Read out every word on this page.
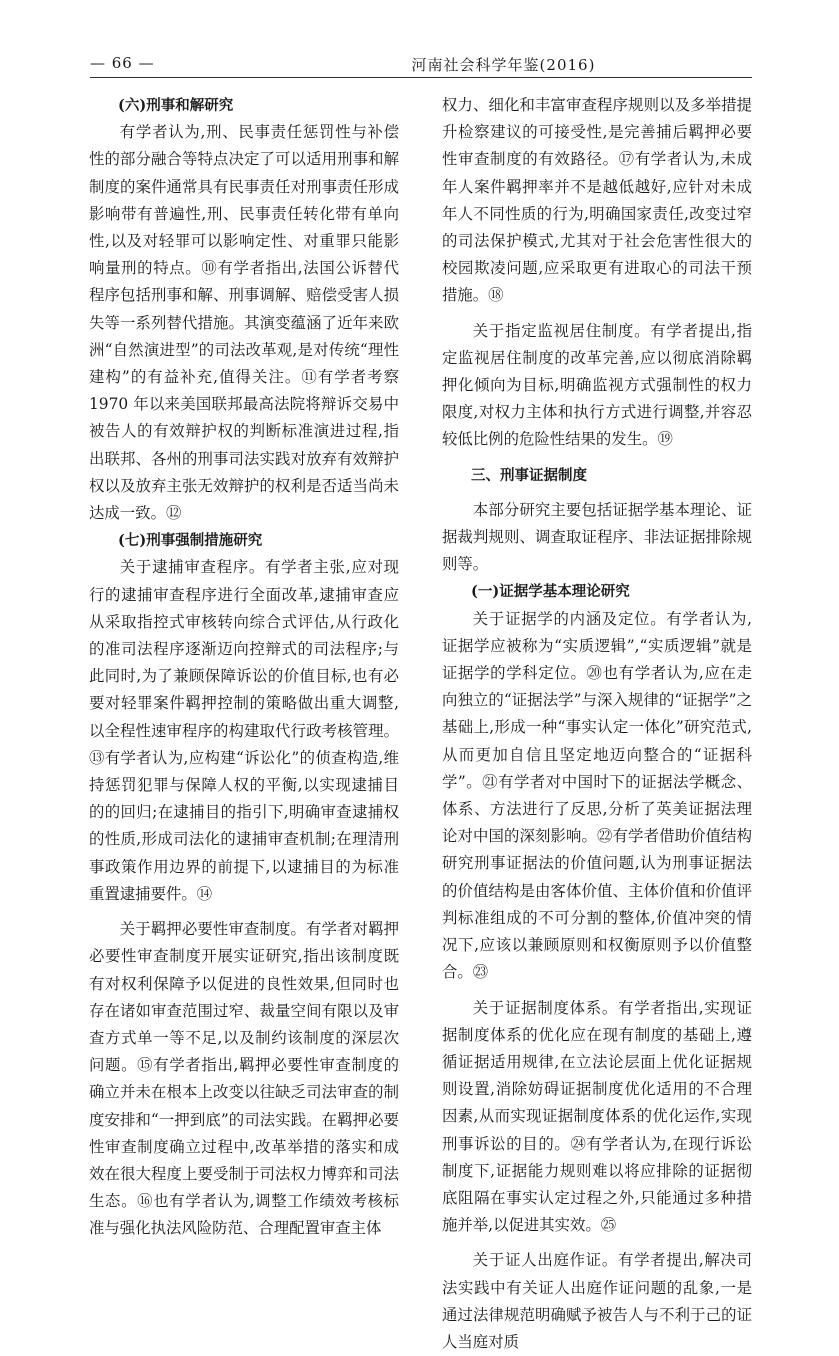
— 66 —	河南社会科学年鉴(2016)
(六)刑事和解研究

有学者认为,刑、民事责任惩罚性与补偿性的部分融合等特点决定了可以适用刑事和解制度的案件通常具有民事责任对刑事责任形成影响带有普遍性,刑、民事责任转化带有单向性,以及对轻罪可以影响定性、对重罪只能影响量刑的特点。⑩有学者指出,法国公诉替代程序包括刑事和解、刑事调解、赔偿受害人损失等一系列替代措施。其演变蕴涵了近年来欧洲“自然演进型”的司法改革观,是对传统“理性建构”的有益补充,值得关注。⑪有学者考察 1970 年以来美国联邦最高法院将辩诉交易中被告人的有效辩护权的判断标准演进过程,指出联邦、各州的刑事司法实践对放弃有效辩护权以及放弃主张无效辩护的权利是否适当尚未达成一致。⑫

(七)刑事强制措施研究

关于逮捕审查程序。有学者主张,应对现行的逮捕审查程序进行全面改革,逮捕审查应从采取指控式审核转向综合式评估,从行政化的准司法程序逐渐迈向控辩式的司法程序;与此同时,为了兼顾保障诉讼的价值目标,也有必要对轻罪案件羁押控制的策略做出重大调整,以全程性速审程序的构建取代行政考核管理。⑬有学者认为,应构建“诉讼化”的侦查构造,维持惩罚犯罪与保障人权的平衡,以实现逮捕目的的回归;在逮捕目的指引下,明确审查逮捕权的性质,形成司法化的逮捕审查机制;在理清刑事政策作用边界的前提下,以逮捕目的为标准重置逮捕要件。⑭

关于羁押必要性审查制度。有学者对羁押必要性审查制度开展实证研究,指出该制度既有对权利保障予以促进的良性效果,但同时也存在诸如审查范围过窄、裁量空间有限以及审查方式单一等不足,以及制约该制度的深层次问题。⑮有学者指出,羁押必要性审查制度的确立并未在根本上改变以往缺乏司法审查的制度安排和“一押到底”的司法实践。在羁押必要性审查制度确立过程中,改革举措的落实和成效在很大程度上要受制于司法权力博弈和司法生态。⑯也有学者认为,调整工作绩效考核标准与强化执法风险防范、合理配置审查主体

权力、细化和丰富审查程序规则以及多举措提升检察建议的可接受性,是完善捕后羁押必要性审查制度的有效路径。⑰有学者认为,未成年人案件羁押率并不是越低越好,应针对未成年人不同性质的行为,明确国家责任,改变过窄的司法保护模式,尤其对于社会危害性很大的校园欺凌问题,应采取更有进取心的司法干预措施。⑱

关于指定监视居住制度。有学者提出,指定监视居住制度的改革完善,应以彻底消除羁押化倾向为目标,明确监视方式强制性的权力限度,对权力主体和执行方式进行调整,并容忍较低比例的危险性结果的发生。⑲

三、刑事证据制度

本部分研究主要包括证据学基本理论、证据裁判规则、调查取证程序、非法证据排除规则等。

(一)证据学基本理论研究

关于证据学的内涵及定位。有学者认为,证据学应被称为“实质逻辑”,“实质逻辑”就是证据学的学科定位。⑳也有学者认为,应在走向独立的“证据法学”与深入规律的“证据学”之基础上,形成一种“事实认定一体化”研究范式,从而更加自信且坚定地迈向整合的“证据科学”。㉑有学者对中国时下的证据法学概念、体系、方法进行了反思,分析了英美证据法理论对中国的深刻影响。㉒有学者借助价值结构研究刑事证据法的价值问题,认为刑事证据法的价值结构是由客体价值、主体价值和价值评判标准组成的不可分割的整体,价值冲突的情况下,应该以兼顾原则和权衡原则予以价值整合。㉓

关于证据制度体系。有学者指出,实现证据制度体系的优化应在现有制度的基础上,遵循证据适用规律,在立法论层面上优化证据规则设置,消除妨碍证据制度优化适用的不合理因素,从而实现证据制度体系的优化运作,实现刑事诉讼的目的。㉔有学者认为,在现行诉讼制度下,证据能力规则难以将应排除的证据彻底阻隔在事实认定过程之外,只能通过多种措施并举,以促进其实效。㉕

关于证人出庭作证。有学者提出,解决司法实践中有关证人出庭作证问题的乱象,一是通过法律规范明确赋予被告人与不利于己的证人当庭对质
